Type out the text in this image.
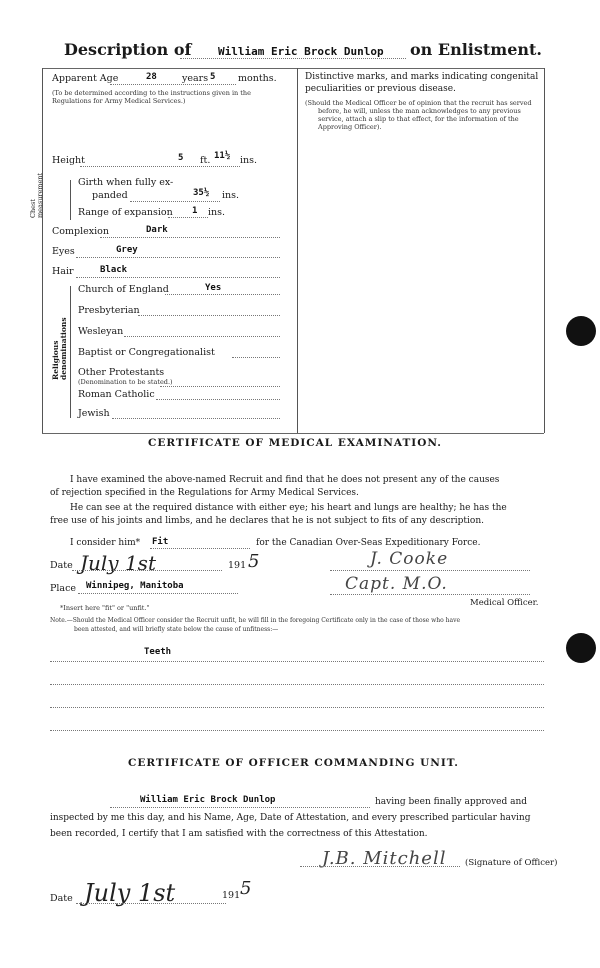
Description of William Eric Brock Dunlop on Enlistment.
Apparent Age	28	years 5 months.
(To be determined according to the instructions given in the Regulations for Army Medical Services.)
Height	5 ft. 11½ ins.
Chest measurement	Girth when fully ex-
panded	35½ ins.
Range of expansion 1 ins.
Complexion	Dark
Eyes	Grey
Hair	Black
Religious denominations
Church of England	Yes
Presbyterian
Wesleyan
Baptist or Congregationalist
Other Protestants
(Denomination to be stated.)
Roman Catholic
Jewish
Distinctive marks, and marks indicating congenital
peculiarities or previous disease.
(Should the Medical Officer be of opinion that the recruit has served
before, he will, unless the man acknowledges to any previous
service, attach a slip to that effect, for the information of the
Approving Officer).
CERTIFICATE OF MEDICAL EXAMINATION.
I have examined the above-named Recruit and find that he does not present any of the causes
of rejection specified in the Regulations for Army Medical Services.
He can see at the required distance with either eye; his heart and lungs are healthy; he has the
free use of his joints and limbs, and he declares that he is not subject to fits of any description.
I consider him* Fit	for the Canadian Over-Seas Expeditionary Force.
Date July 1st	191 5	J. Cooke
Place Winnipeg, Manitoba	Capt. M.O.
Medical Officer.
*Insert here "fit" or "unfit."
Note.—Should the Medical Officer consider the Recruit unfit, he will fill in the foregoing Certificate only in the case of those who have
been attested, and will briefly state below the cause of unfitness:—
Teeth
CERTIFICATE OF OFFICER COMMANDING UNIT.
William Eric Brock Dunlop	having been finally approved and
inspected by me this day, and his Name, Age, Date of Attestation, and every prescribed particular having
been recorded, I certify that I am satisfied with the correctness of this Attestation.
J.B. Mitchell (Signature of Officer)
Date July 1st	191 5
